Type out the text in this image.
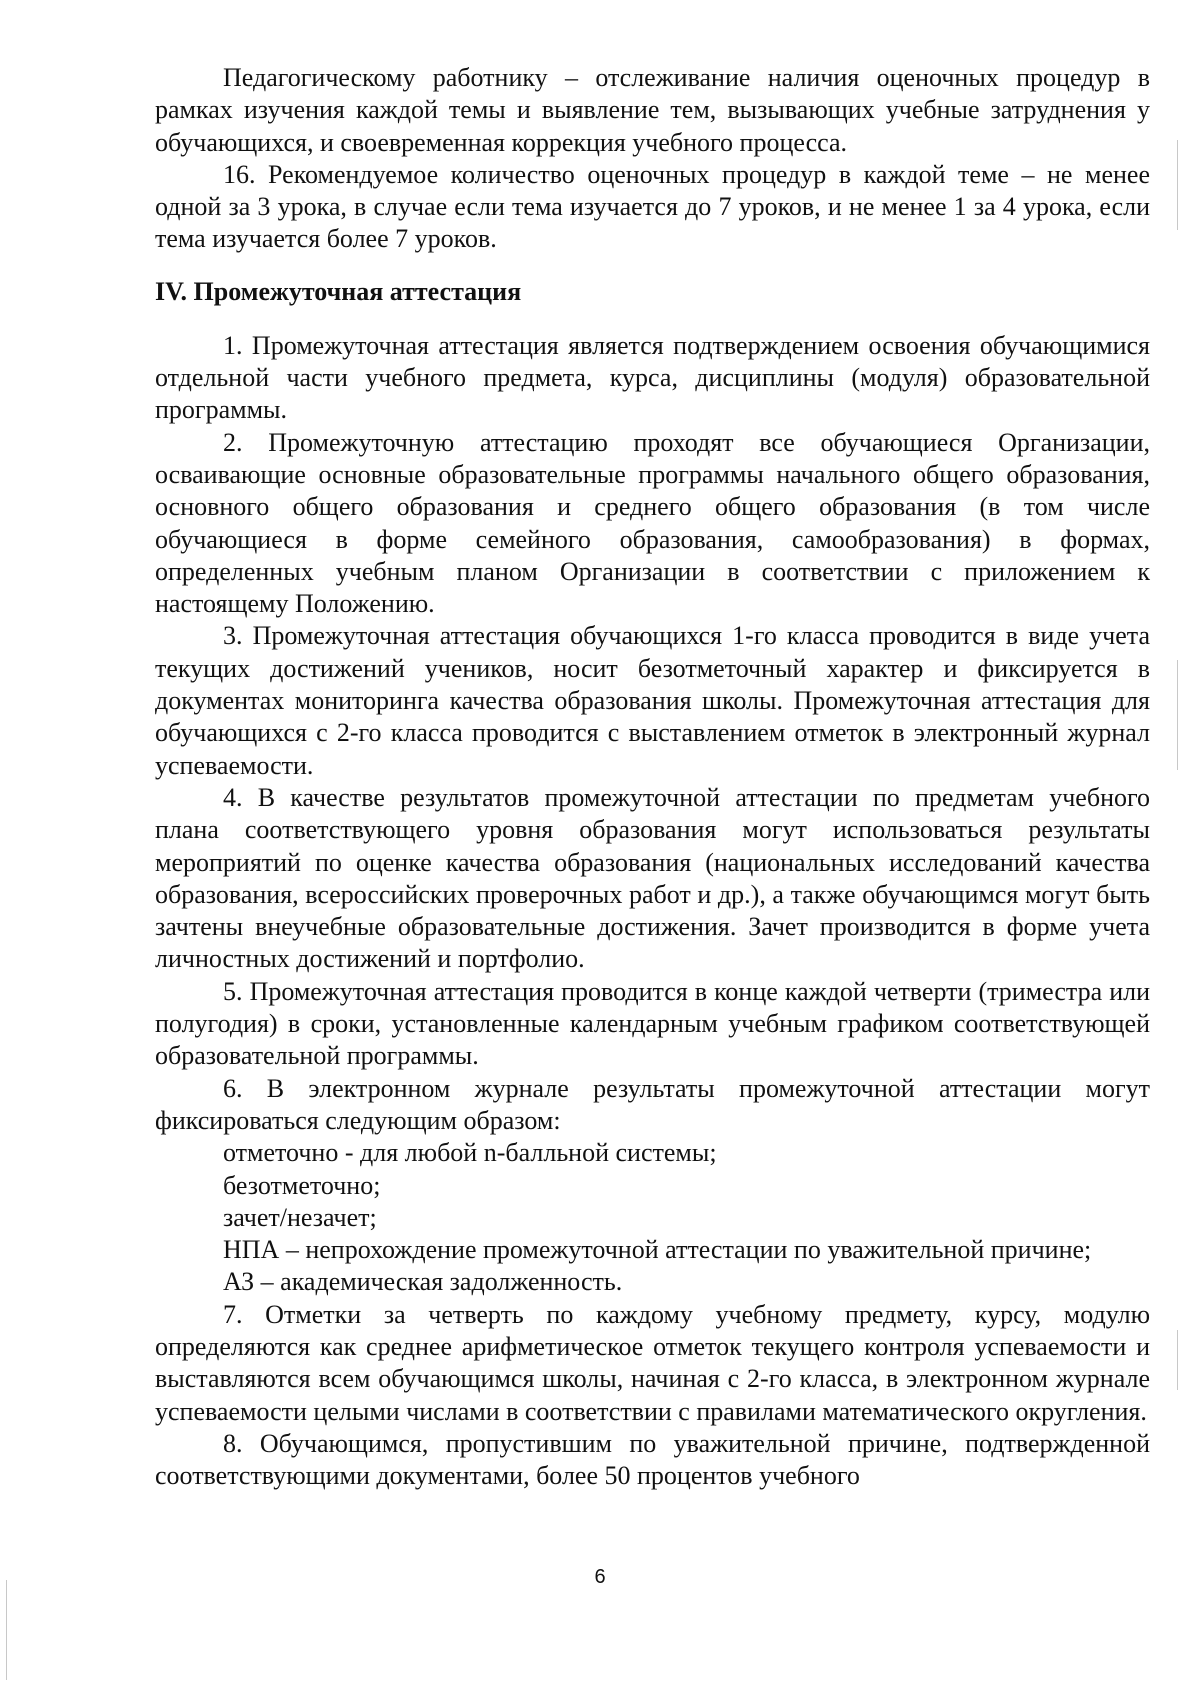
Педагогическому работнику – отслеживание наличия оценочных процедур в рамках изучения каждой темы и выявление тем, вызывающих учебные затруднения у обучающихся, и своевременная коррекция учебного процесса.

16. Рекомендуемое количество оценочных процедур в каждой теме – не менее одной за 3 урока, в случае если тема изучается до 7 уроков, и не менее 1 за 4 урока, если тема изучается более 7 уроков.

IV. Промежуточная аттестация

1. Промежуточная аттестация является подтверждением освоения обучающимися отдельной части учебного предмета, курса, дисциплины (модуля) образовательной программы.

2. Промежуточную аттестацию проходят все обучающиеся Организации, осваивающие основные образовательные программы начального общего образования, основного общего образования и среднего общего образования (в том числе обучающиеся в форме семейного образования, самообразования) в формах, определенных учебным планом Организации в соответствии с приложением к настоящему Положению.

3. Промежуточная аттестация обучающихся 1-го класса проводится в виде учета текущих достижений учеников, носит безотметочный характер и фиксируется в документах мониторинга качества образования школы. Промежуточная аттестация для обучающихся с 2-го класса проводится с выставлением отметок в электронный журнал успеваемости.

4. В качестве результатов промежуточной аттестации по предметам учебного плана соответствующего уровня образования могут использоваться результаты мероприятий по оценке качества образования (национальных исследований качества образования, всероссийских проверочных работ и др.), а также обучающимся могут быть зачтены внеучебные образовательные достижения. Зачет производится в форме учета личностных достижений и портфолио.

5. Промежуточная аттестация проводится в конце каждой четверти (триместра или полугодия) в сроки, установленные календарным учебным графиком соответствующей образовательной программы.

6. В электронном журнале результаты промежуточной аттестации могут фиксироваться следующим образом:

отметочно - для любой n-балльной системы;

безотметочно;

зачет/незачет;

НПА – непрохождение промежуточной аттестации по уважительной причине;

АЗ – академическая задолженность.

7. Отметки за четверть по каждому учебному предмету, курсу, модулю определяются как среднее арифметическое отметок текущего контроля успеваемости и выставляются всем обучающимся школы, начиная с 2-го класса, в электронном журнале успеваемости целыми числами в соответствии с правилами математического округления.

8. Обучающимся, пропустившим по уважительной причине, подтвержденной соответствующими документами, более 50 процентов учебного

6
